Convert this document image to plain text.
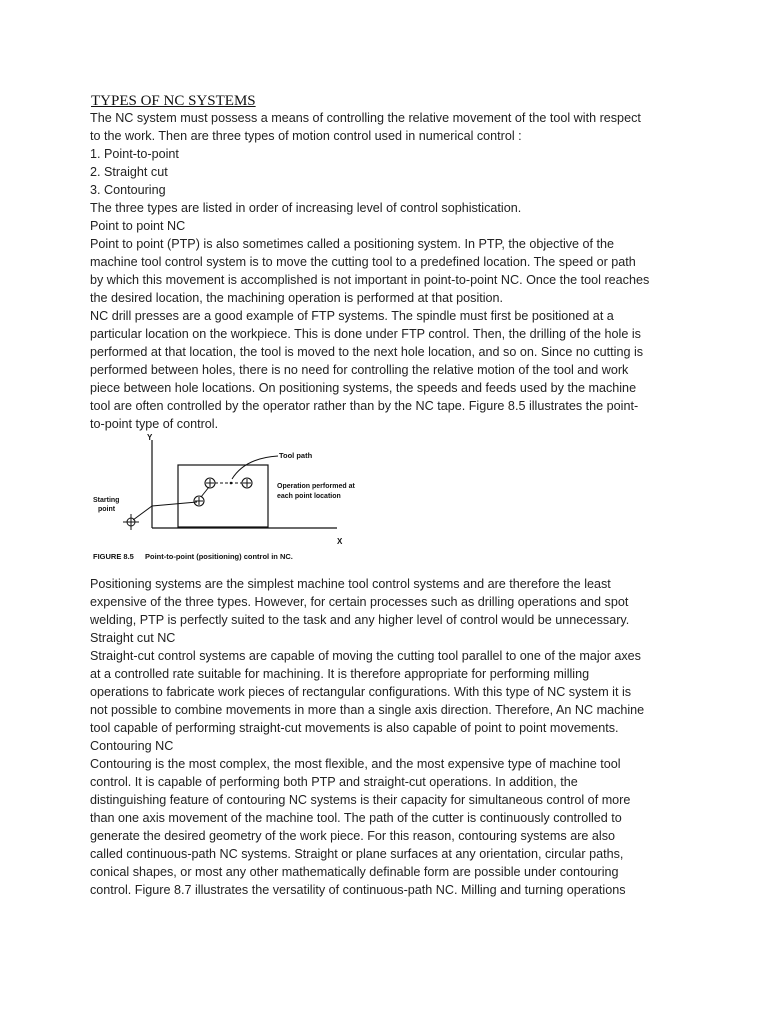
TYPES OF NC SYSTEMS
The NC system must possess a means of controlling the relative movement of the tool with respect
to the work. Then are three types of motion control used in numerical control :
1. Point-to-point
2. Straight cut
3. Contouring
The three types are listed in order of increasing level of control sophistication.
Point to point NC
Point to point (PTP) is also sometimes called a positioning system. In PTP, the objective of the
machine tool control system is to move the cutting tool to a predefined location. The speed or path
by which this movement is accomplished is not important in point-to-point NC. Once the tool reaches
the desired location, the machining operation is performed at that position.
NC drill presses are a good example of FTP systems. The spindle must first be positioned at a
particular location on the workpiece. This is done under FTP control. Then, the drilling of the hole is
performed at that location, the tool is moved to the next hole location, and so on. Since no cutting is
performed between holes, there is no need for controlling the relative motion of the tool and work
piece between hole locations. On positioning systems, the speeds and feeds used by the machine
tool are often controlled by the operator rather than by the NC tape. Figure 8.5 illustrates the point-
to-point type of control.
Y
X
Tool path
Operation performed at
each point location
Starting
point
FIGURE 8.5 Point-to-point (positioning) control in NC.
Positioning systems are the simplest machine tool control systems and are therefore the least
expensive of the three types. However, for certain processes such as drilling operations and spot
welding, PTP is perfectly suited to the task and any higher level of control would be unnecessary.
Straight cut NC
Straight-cut control systems are capable of moving the cutting tool parallel to one of the major axes
at a controlled rate suitable for machining. It is therefore appropriate for performing milling
operations to fabricate work pieces of rectangular configurations. With this type of NC system it is
not possible to combine movements in more than a single axis direction. Therefore, An NC machine
tool capable of performing straight-cut movements is also capable of point to point movements.
Contouring NC
Contouring is the most complex, the most flexible, and the most expensive type of machine tool
control. It is capable of performing both PTP and straight-cut operations. In addition, the
distinguishing feature of contouring NC systems is their capacity for simultaneous control of more
than one axis movement of the machine tool. The path of the cutter is continuously controlled to
generate the desired geometry of the work piece. For this reason, contouring systems are also
called continuous-path NC systems. Straight or plane surfaces at any orientation, circular paths,
conical shapes, or most any other mathematically definable form are possible under contouring
control. Figure 8.7 illustrates the versatility of continuous-path NC. Milling and turning operations
